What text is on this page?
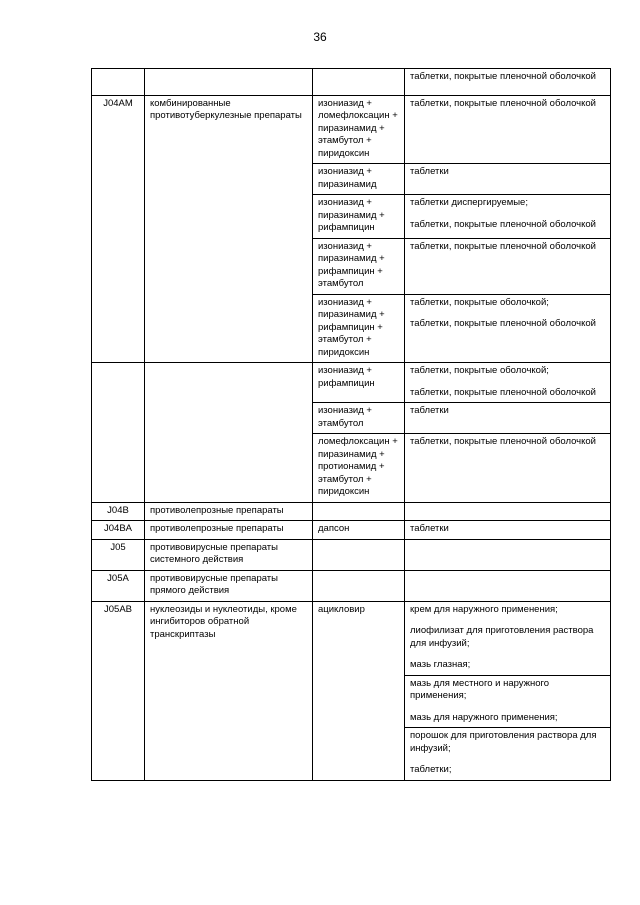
36

			таблетки, покрытые пленочной оболочкой

J04AM	комбинированные противотуберкулезные препараты	изониазид + ломефлоксацин + пиразинамид + этамбутол + пиридоксин	таблетки, покрытые пленочной оболочкой

		изониазид + пиразинамид	таблетки

		изониазид + пиразинамид + рифампицин	таблетки диспергируемые;
таблетки, покрытые пленочной оболочкой

		изониазид + пиразинамид + рифампицин + этамбутол	таблетки, покрытые пленочной оболочкой

		изониазид + пиразинамид + рифампицин + этамбутол + пиридоксин	таблетки, покрытые оболочкой;
таблетки, покрытые пленочной оболочкой

		изониазид + рифампицин	таблетки, покрытые оболочкой;
таблетки, покрытые пленочной оболочкой

		изониазид + этамбутол	таблетки

		ломефлоксацин + пиразинамид + протионамид + этамбутол + пиридоксин	таблетки, покрытые пленочной оболочкой

J04B	противолепрозные препараты		
J04BA	противолепрозные препараты	дапсон	таблетки

J05	противовирусные препараты системного действия		
J05A	противовирусные препараты прямого действия		
J05AB	нуклеозиды и нуклеотиды, кроме ингибиторов обратной транскриптазы	ацикловир	крем для наружного применения;
лиофилизат для приготовления раствора для инфузий;
мазь глазная;

			мазь для местного и наружного применения;
мазь для наружного применения;

			порошок для приготовления раствора для инфузий;
таблетки;
